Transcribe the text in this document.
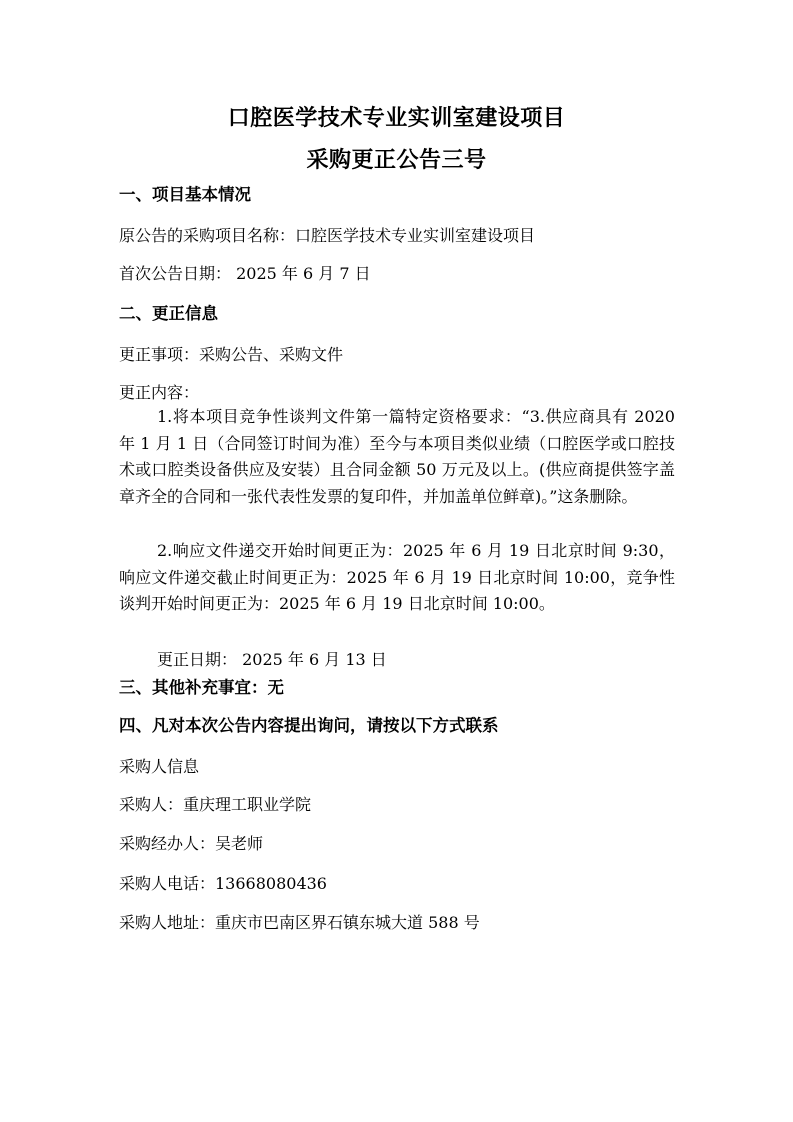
口腔医学技术专业实训室建设项目
采购更正公告三号
一、项目基本情况
原公告的采购项目名称：口腔医学技术专业实训室建设项目
首次公告日期： 2025 年 6 月 7 日
二、更正信息
更正事项：采购公告、采购文件
更正内容：
1.将本项目竞争性谈判文件第一篇特定资格要求：“3.供应商具有 2020 年 1 月 1 日（合同签订时间为准）至今与本项目类似业绩（口腔医学或口腔技术或口腔类设备供应及安装）且合同金额 50 万元及以上。(供应商提供签字盖章齐全的合同和一张代表性发票的复印件，并加盖单位鲜章)。”这条删除。
2.响应文件递交开始时间更正为：2025 年 6 月 19 日北京时间 9:30，响应文件递交截止时间更正为：2025 年 6 月 19 日北京时间 10:00，竞争性谈判开始时间更正为：2025 年 6 月 19 日北京时间 10:00。
更正日期： 2025 年 6 月 13 日
三、其他补充事宜：无
四、凡对本次公告内容提出询问，请按以下方式联系
采购人信息
采购人：重庆理工职业学院
采购经办人：吴老师
采购人电话：13668080436
采购人地址：重庆市巴南区界石镇东城大道 588 号
